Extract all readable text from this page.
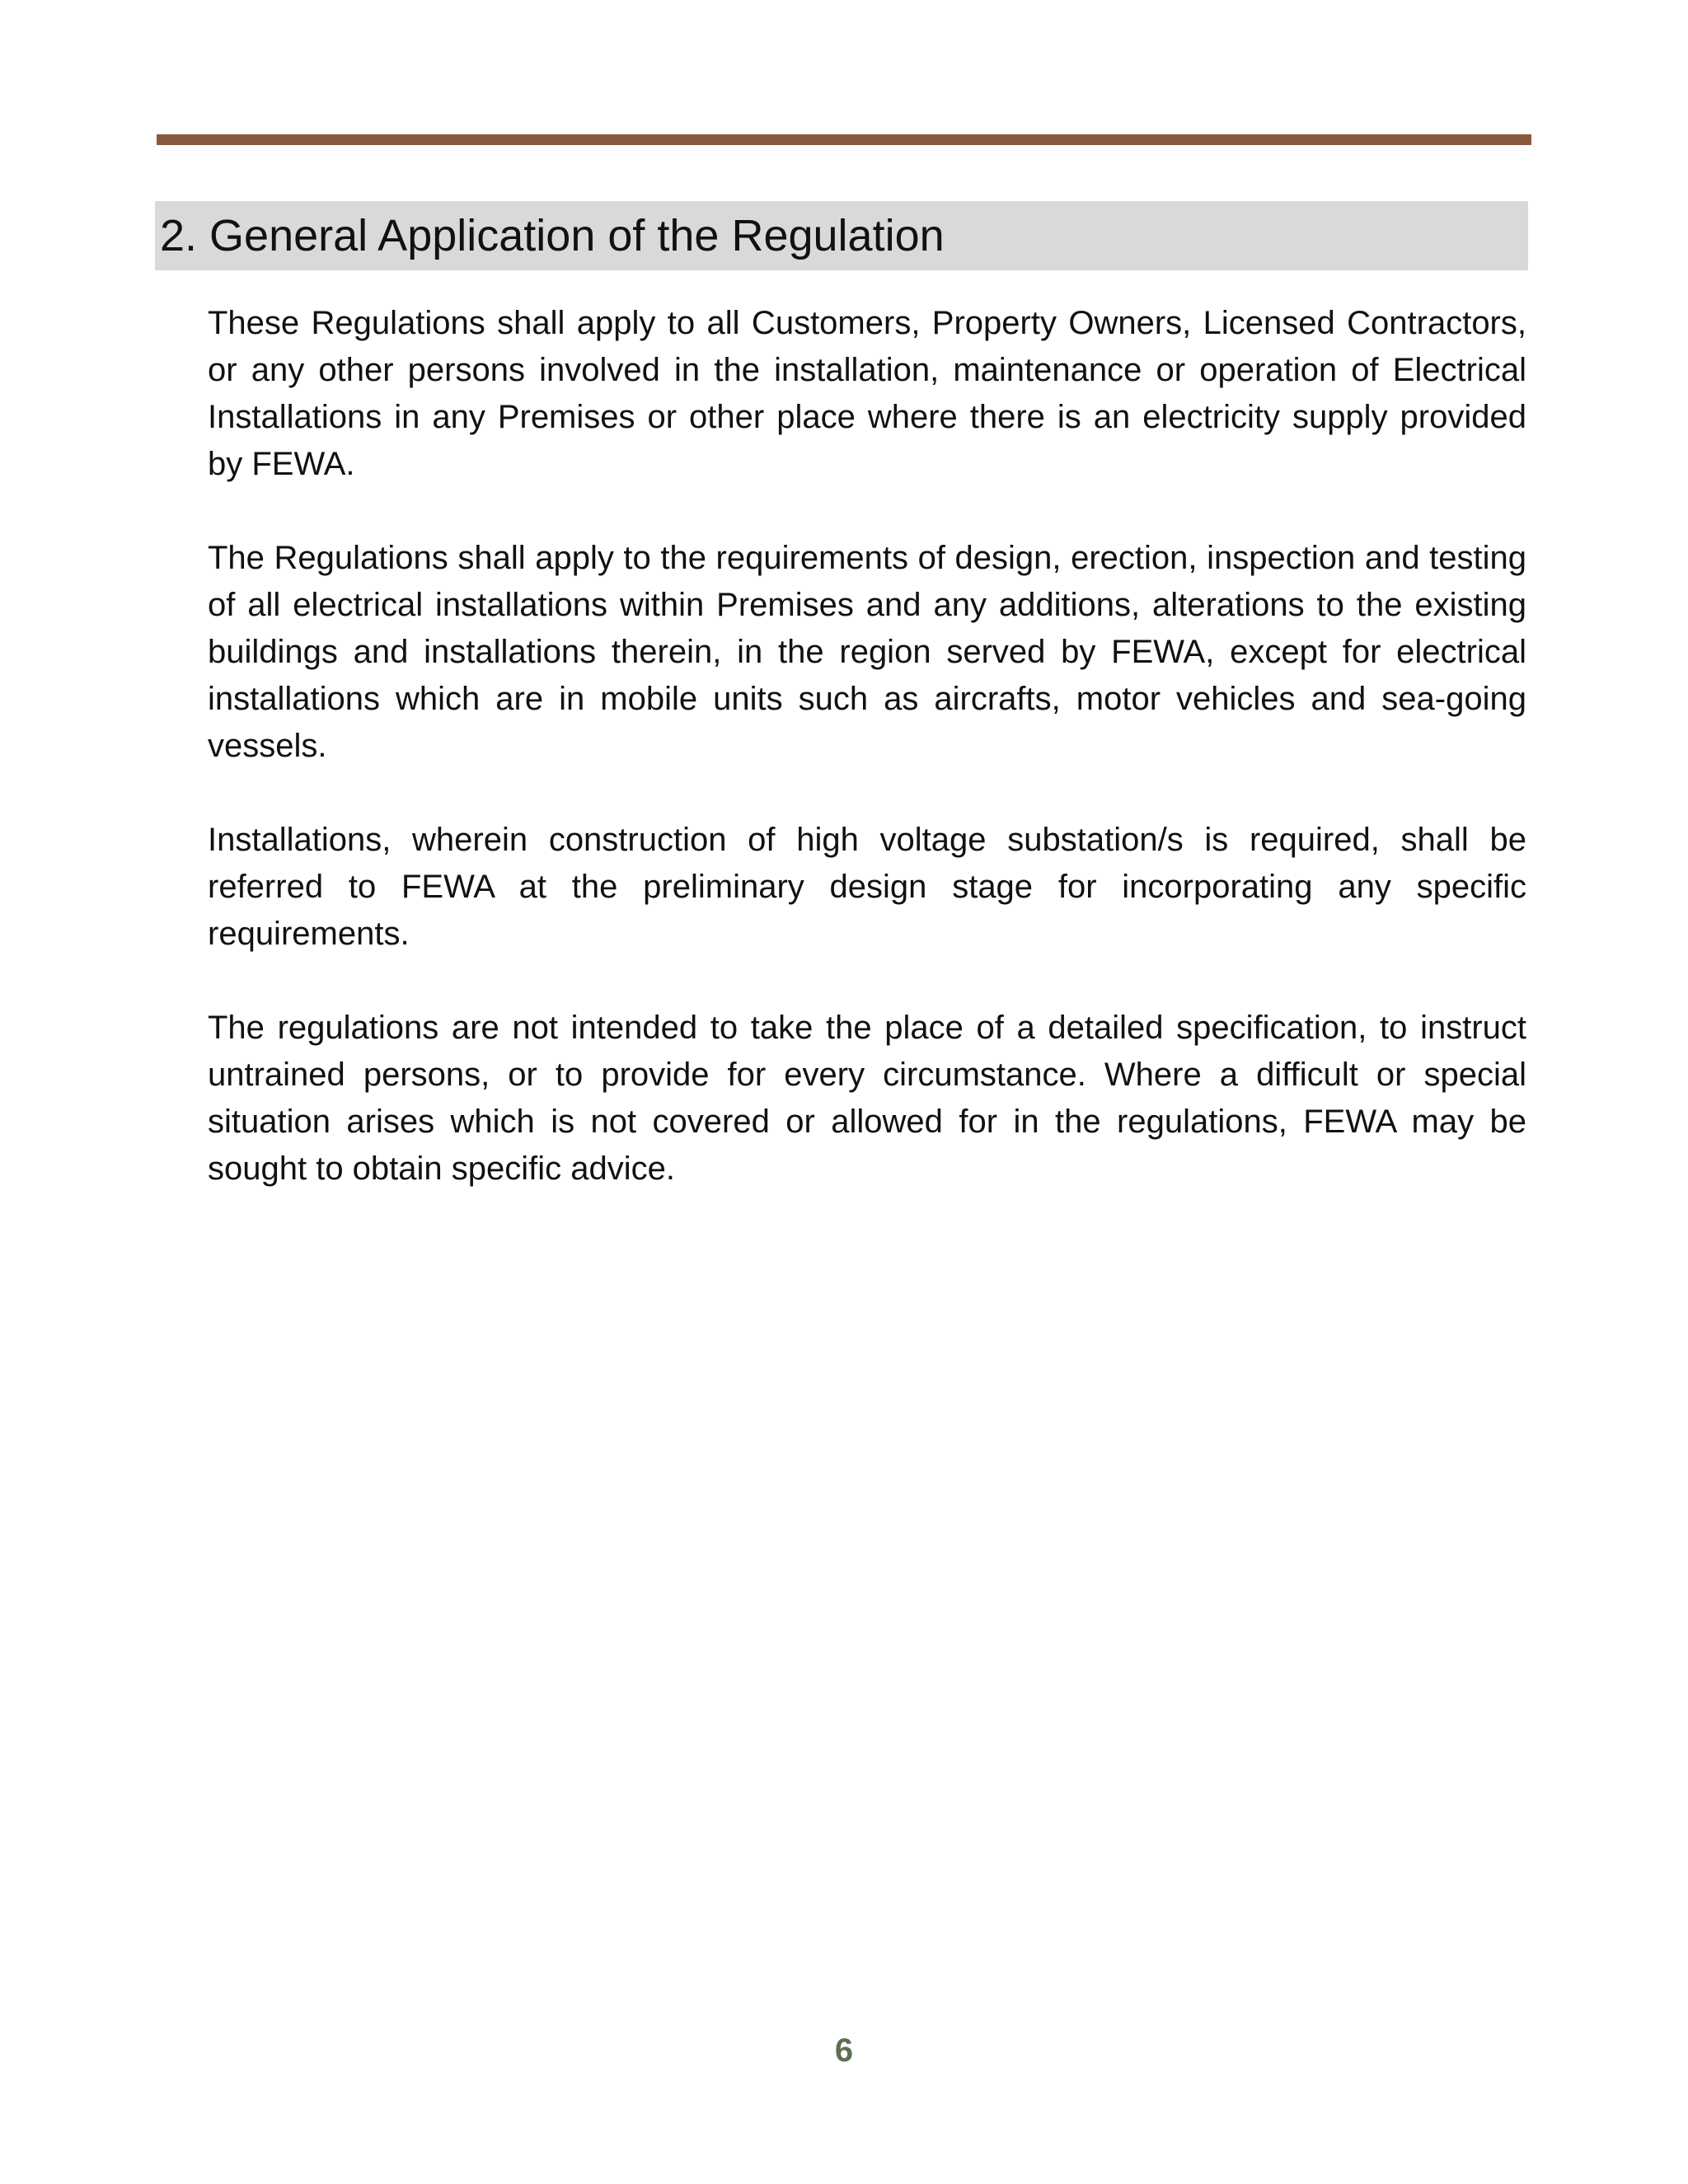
2. General Application of the Regulation

These Regulations shall apply to all Customers, Property Owners, Licensed Contractors, or any other persons involved in the installation, maintenance or operation of Electrical Installations in any Premises or other place where there is an electricity supply provided by FEWA.

The Regulations shall apply to the requirements of design, erection, inspection and testing of all electrical installations within Premises and any additions, alterations to the existing buildings and installations therein, in the region served by FEWA, except for electrical installations which are in mobile units such as aircrafts, motor vehicles and sea-going vessels.

Installations, wherein construction of high voltage substation/s is required, shall be referred to FEWA at the preliminary design stage for incorporating any specific requirements.

The regulations are not intended to take the place of a detailed specification, to instruct untrained persons, or to provide for every circumstance. Where a difficult or special situation arises which is not covered or allowed for in the regulations, FEWA may be sought to obtain specific advice.

6
